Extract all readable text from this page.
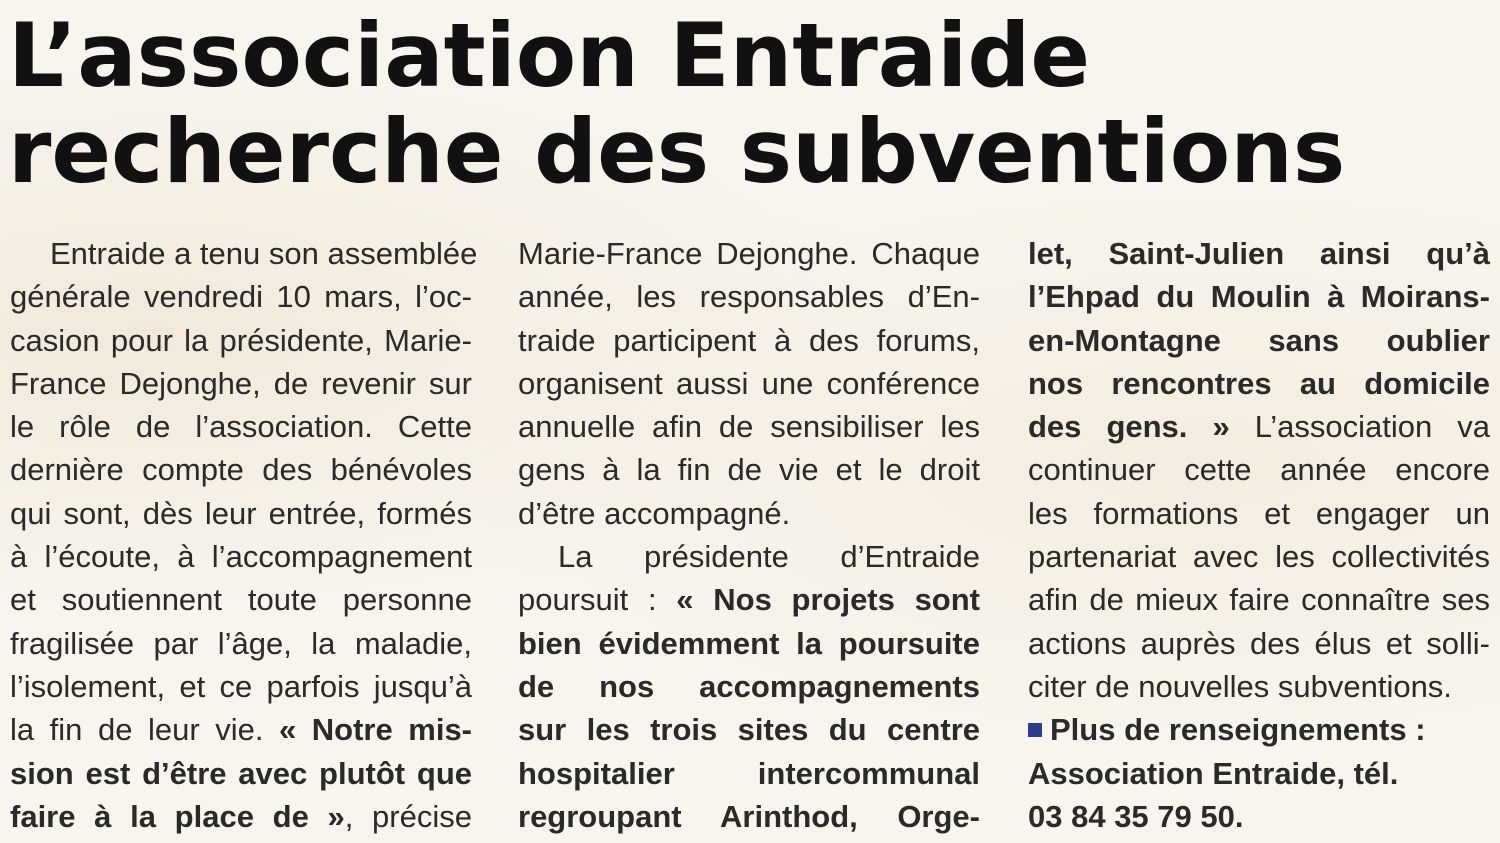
L’association Entraide
recherche des subventions
Entraide a tenu son assemblée
générale vendredi 10 mars, l’oc-
casion pour la présidente, Marie-
France Dejonghe, de revenir sur
le rôle de l’association. Cette
dernière compte des bénévoles
qui sont, dès leur entrée, formés
à l’écoute, à l’accompagnement
et soutiennent toute personne
fragilisée par l’âge, la maladie,
l’isolement, et ce parfois jusqu’à
la fin de leur vie. « Notre mis-
sion est d’être avec plutôt que
faire à la place de », précise
Marie-France Dejonghe. Chaque
année, les responsables d’En-
traide participent à des forums,
organisent aussi une conférence
annuelle afin de sensibiliser les
gens à la fin de vie et le droit
d’être accompagné.
La présidente d’Entraide
poursuit : « Nos projets sont
bien évidemment la poursuite
de nos accompagnements
sur les trois sites du centre
hospitalier intercommunal
regroupant Arinthod, Orge-
let, Saint-Julien ainsi qu’à
l’Ehpad du Moulin à Moirans-
en-Montagne sans oublier
nos rencontres au domicile
des gens. » L’association va
continuer cette année encore
les formations et engager un
partenariat avec les collectivités
afin de mieux faire connaître ses
actions auprès des élus et solli-
citer de nouvelles subventions.
Plus de renseignements :
Association Entraide, tél.
03 84 35 79 50.
